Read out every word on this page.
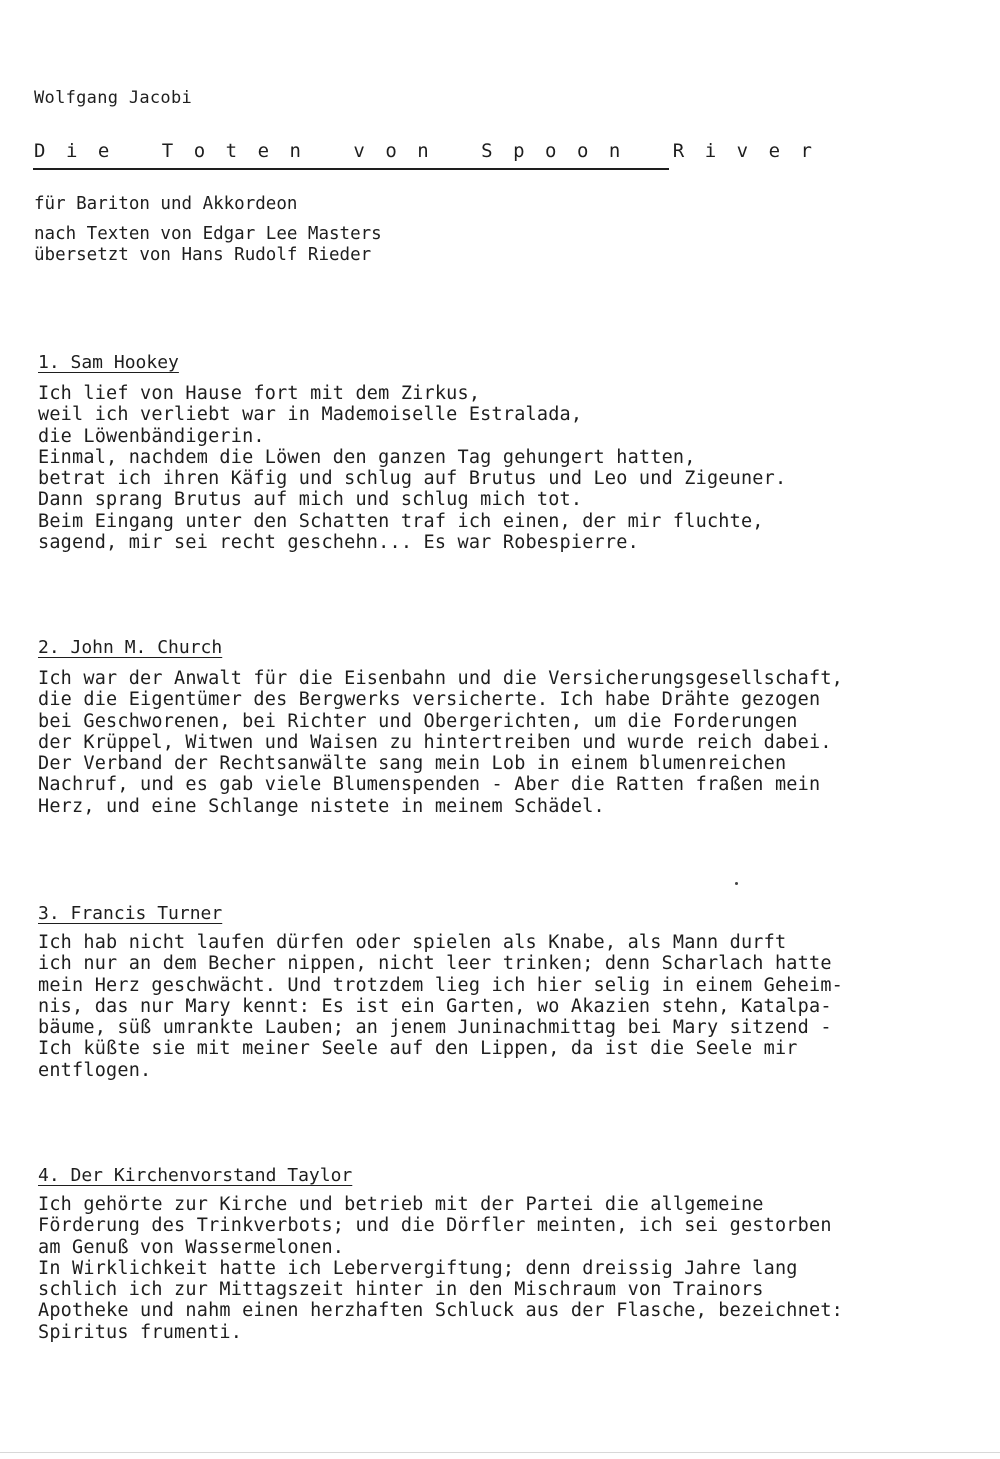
Wolfgang Jacobi
Die Toten von Spoon River
für Bariton und Akkordeon
nach Texten von Edgar Lee Masters
übersetzt von Hans Rudolf Rieder
1. Sam Hookey
Ich lief von Hause fort mit dem Zirkus,
weil ich verliebt war in Mademoiselle Estralada,
die Löwenbändigerin.
Einmal, nachdem die Löwen den ganzen Tag gehungert hatten,
betrat ich ihren Käfig und schlug auf Brutus und Leo und Zigeuner.
Dann sprang Brutus auf mich und schlug mich tot.
Beim Eingang unter den Schatten traf ich einen, der mir fluchte,
sagend, mir sei recht geschehn... Es war Robespierre.
2. John M. Church
Ich war der Anwalt für die Eisenbahn und die Versicherungsgesellschaft,
die die Eigentümer des Bergwerks versicherte. Ich habe Drähte gezogen
bei Geschworenen, bei Richter und Obergerichten, um die Forderungen
der Krüppel, Witwen und Waisen zu hintertreiben und wurde reich dabei.
Der Verband der Rechtsanwälte sang mein Lob in einem blumenreichen
Nachruf, und es gab viele Blumenspenden - Aber die Ratten fraßen mein
Herz, und eine Schlange nistete in meinem Schädel.
3. Francis Turner
Ich hab nicht laufen dürfen oder spielen als Knabe, als Mann durft
ich nur an dem Becher nippen, nicht leer trinken; denn Scharlach hatte
mein Herz geschwächt. Und trotzdem lieg ich hier selig in einem Geheim-
nis, das nur Mary kennt: Es ist ein Garten, wo Akazien stehn, Katalpa-
bäume, süß umrankte Lauben; an jenem Juninachmittag bei Mary sitzend -
Ich küßte sie mit meiner Seele auf den Lippen, da ist die Seele mir
entflogen.
4. Der Kirchenvorstand Taylor
Ich gehörte zur Kirche und betrieb mit der Partei die allgemeine
Förderung des Trinkverbots; und die Dörfler meinten, ich sei gestorben
am Genuß von Wassermelonen.
In Wirklichkeit hatte ich Lebervergiftung; denn dreissig Jahre lang
schlich ich zur Mittagszeit hinter in den Mischraum von Trainors
Apotheke und nahm einen herzhaften Schluck aus der Flasche, bezeichnet:
Spiritus frumenti.
